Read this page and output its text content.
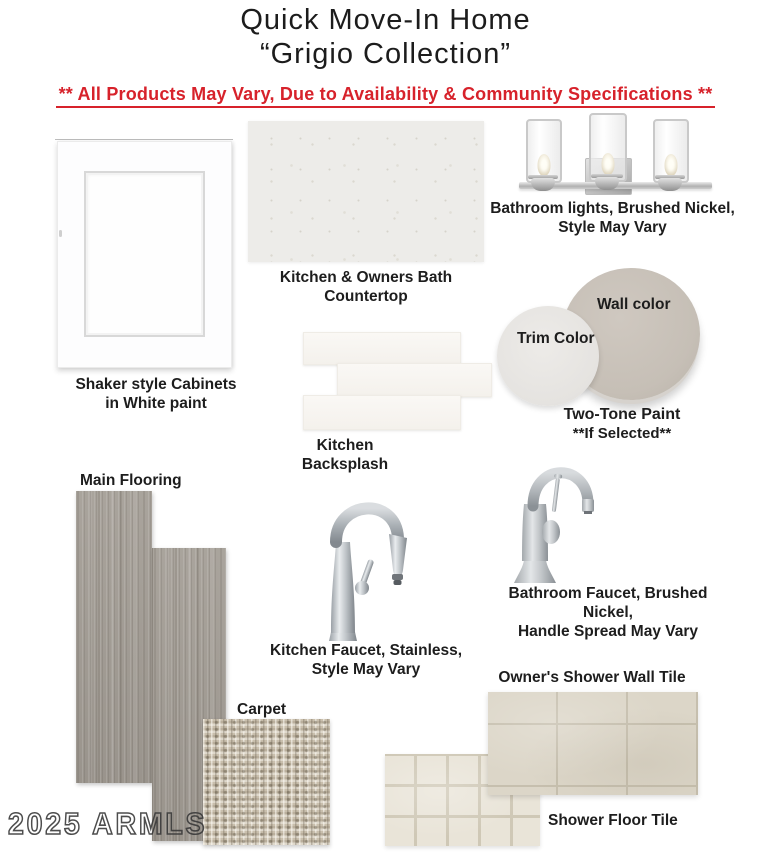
Quick Move-In Home
“Grigio Collection”
** All Products May Vary, Due to Availability & Community Specifications **
Shaker style Cabinets
in White paint
Kitchen & Owners Bath
Countertop
Bathroom lights, Brushed Nickel,
Style May Vary
Kitchen
Backsplash
Wall color
Trim Color
Two-Tone Paint
**If Selected**
Main Flooring
Kitchen Faucet, Stainless,
Style May Vary
Bathroom Faucet, Brushed Nickel,
Handle Spread May Vary
Owner's Shower Wall Tile
Shower Floor Tile
Carpet
2025 ARMLS
